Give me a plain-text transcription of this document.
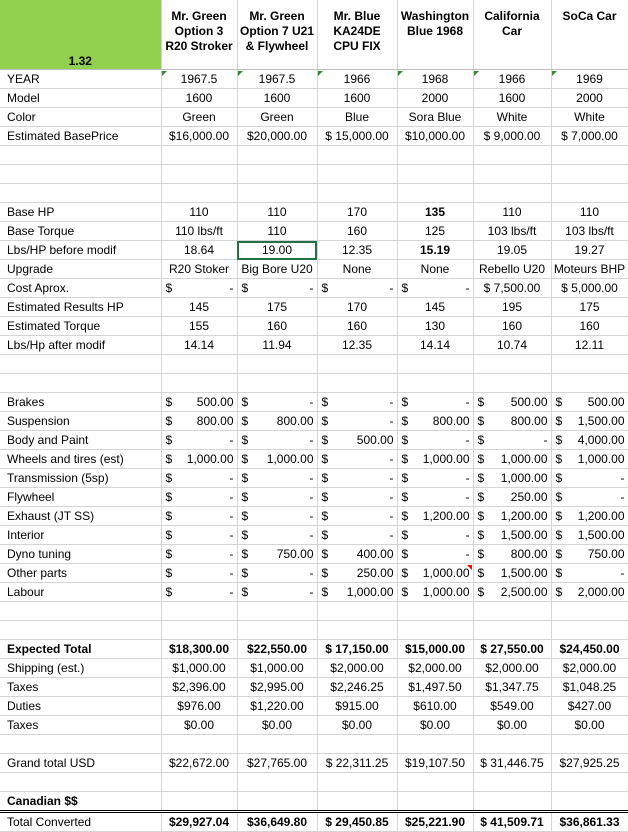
1.32	Mr. Green Option 3 R20 Stroker	Mr. Green Option 7 U21 & Flywheel	Mr. Blue KA24DE CPU FIX	Washington Blue 1968	California Car	SoCa Car
YEAR	1967.5	1967.5	1966	1968	1966	1969
Model	1600	1600	1600	2000	1600	2000
Color	Green	Green	Blue	Sora Blue	White	White
Estimated BasePrice	$16,000.00	$20,000.00	$ 15,000.00	$10,000.00	$ 9,000.00	$ 7,000.00

Base HP	110	110	170	135	110	110
Base Torque	110 lbs/ft	110	160	125	103 lbs/ft	103 lbs/ft
Lbs/HP before modif	18.64	19.00	12.35	15.19	19.05	19.27
Upgrade	R20 Stoker	Big Bore U20	None	None	Rebello U20	Moteurs BHP
Cost Aprox.	$ -	$ -	$ -	$ -	$ 7,500.00	$ 5,000.00
Estimated Results HP	145	175	170	145	195	175
Estimated Torque	155	160	160	130	160	160
Lbs/Hp after modif	14.14	11.94	12.35	14.14	10.74	12.11

Brakes	$ 500.00	$ -	$ -	$ -	$ 500.00	$ 500.00

Suspension	$ 800.00	$ 800.00	$ -	$ 800.00	$ 800.00	$ 1,500.00

Body and Paint	$ -	$ -	$ 500.00	$ -	$ -	$ 4,000.00

Wheels and tires (est)	$ 1,000.00	$ 1,000.00	$ -	$ 1,000.00	$ 1,000.00	$ 1,000.00

Transmission (5sp)	$ -	$ -	$ -	$ -	$ 1,000.00	$ -

Flywheel	$ -	$ -	$ -	$ -	$ 250.00	$ -

Exhaust (JT SS)	$ -	$ -	$ -	$ 1,200.00	$ 1,200.00	$ 1,200.00

Interior	$ -	$ -	$ -	$ -	$ 1,500.00	$ 1,500.00

Dyno tuning	$ -	$ 750.00	$ 400.00	$ -	$ 800.00	$ 750.00

Other parts	$ -	$ -	$ 250.00	$ 1,000.00	$ 1,500.00	$ -

Labour	$ -	$ -	$ 1,000.00	$ 1,000.00	$ 2,500.00	$ 2,000.00

Expected Total	$18,300.00	$22,550.00	$ 17,150.00	$15,000.00	$ 27,550.00	$24,450.00
Shipping (est.)	$1,000.00	$1,000.00	$2,000.00	$2,000.00	$2,000.00	$2,000.00
Taxes	$2,396.00	$2,995.00	$2,246.25	$1,497.50	$1,347.75	$1,048.25
Duties	$976.00	$1,220.00	$915.00	$610.00	$549.00	$427.00
Taxes	$0.00	$0.00	$0.00	$0.00	$0.00	$0.00

Grand total USD	$22,672.00	$27,765.00	$ 22,311.25	$19,107.50	$ 31,446.75	$27,925.25

Canadian $$						
Total Converted	$29,927.04	$36,649.80	$ 29,450.85	$25,221.90	$ 41,509.71	$36,861.33
